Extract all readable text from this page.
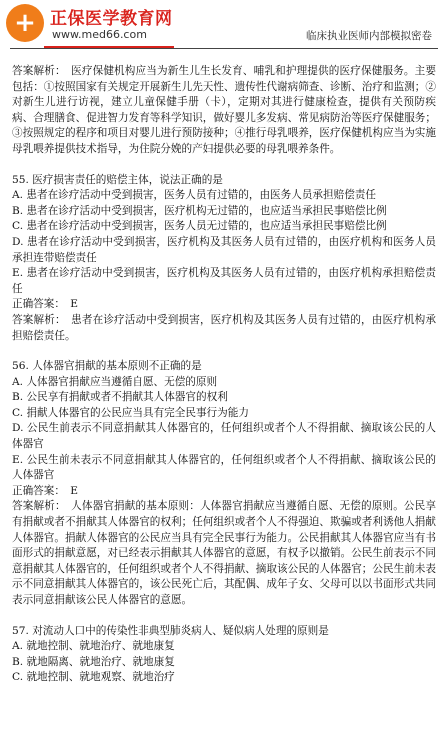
+ 正保医学教育网
www.med66.com	临床执业医师内部模拟密卷

答案解析：　医疗保健机构应当为新生儿生长发育、哺乳和护理提供的医疗保健服务。主要包括：①按照国家有关规定开展新生儿先天性、遗传性代谢病筛查、诊断、治疗和监测；②对新生儿进行访视，建立儿童保健手册（卡），定期对其进行健康检查，提供有关预防疾病、合理膳食、促进智力发育等科学知识，做好婴儿多发病、常见病防治等医疗保健服务；③按照规定的程序和项目对婴儿进行预防接种；④推行母乳喂养，医疗保健机构应当为实施母乳喂养提供技术指导，为住院分娩的产妇提供必要的母乳喂养条件。

55. 医疗损害责任的赔偿主体，说法正确的是

A. 患者在诊疗活动中受到损害，医务人员有过错的，由医务人员承担赔偿责任

B. 患者在诊疗活动中受到损害，医疗机构无过错的，也应适当承担民事赔偿比例

C. 患者在诊疗活动中受到损害，医务人员无过错的，也应适当承担民事赔偿比例

D. 患者在诊疗活动中受到损害，医疗机构及其医务人员有过错的，由医疗机构和医务人员承担连带赔偿责任

E. 患者在诊疗活动中受到损害，医疗机构及其医务人员有过错的，由医疗机构承担赔偿责任

正确答案：　E

答案解析：　患者在诊疗活动中受到损害，医疗机构及其医务人员有过错的，由医疗机构承担赔偿责任。

56. 人体器官捐献的基本原则不正确的是

A. 人体器官捐献应当遵循自愿、无偿的原则

B. 公民享有捐献或者不捐献其人体器官的权利

C. 捐献人体器官的公民应当具有完全民事行为能力

D. 公民生前表示不同意捐献其人体器官的，任何组织或者个人不得捐献、摘取该公民的人体器官

E. 公民生前未表示不同意捐献其人体器官的，任何组织或者个人不得捐献、摘取该公民的人体器官

正确答案：　E

答案解析：　人体器官捐献的基本原则：人体器官捐献应当遵循自愿、无偿的原则。公民享有捐献或者不捐献其人体器官的权利；任何组织或者个人不得强迫、欺骗或者利诱他人捐献人体器官。捐献人体器官的公民应当具有完全民事行为能力。公民捐献其人体器官应当有书面形式的捐献意愿，对已经表示捐献其人体器官的意愿，有权予以撤销。公民生前表示不同意捐献其人体器官的，任何组织或者个人不得捐献、摘取该公民的人体器官；公民生前未表示不同意捐献其人体器官的，该公民死亡后，其配偶、成年子女、父母可以以书面形式共同表示同意捐献该公民人体器官的意愿。

57. 对流动人口中的传染性非典型肺炎病人、疑似病人处理的原则是

A. 就地控制、就地治疗、就地康复

B. 就地隔离、就地治疗、就地康复

C. 就地控制、就地观察、就地治疗
